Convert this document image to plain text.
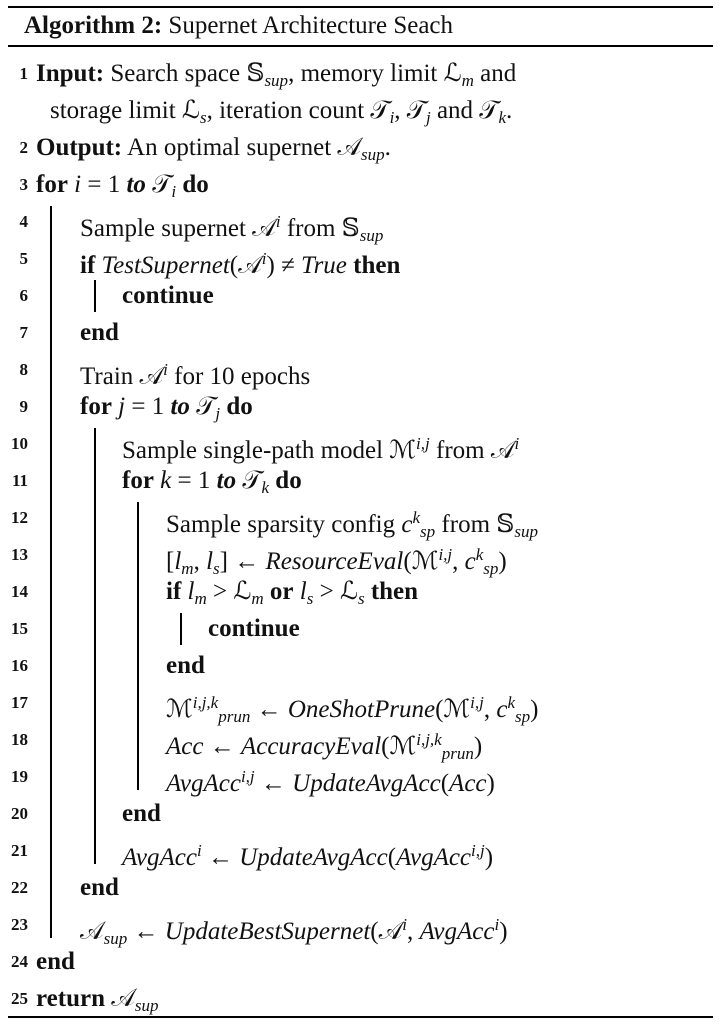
Algorithm 2: Supernet Architecture Seach
1 Input: Search space 𝕊$_{sup}$, memory limit ℒ$_m$ and
storage limit ℒ$_s$, iteration count 𝒯$_i$, 𝒯$_j$ and 𝒯$_k$.
2 Output: An optimal supernet 𝒜$_{sup}$.
3 for i = 1 to 𝒯$_i$ do
4 Sample supernet 𝒜$^i$ from 𝕊$_{sup}$
5 if TestSupernet(𝒜$^i$) ≠ True then
6	continue
7 end
8 Train 𝒜$^i$ for 10 epochs
9 for j = 1 to 𝒯$_j$ do
10	Sample single-path model ℳ$^{i,j}$ from 𝒜$^i$
11	for k = 1 to 𝒯$_k$ do
12	Sample sparsity config $c^k_{sp}$ from 𝕊$_{sup}$
13	[$l_m$, $l_s$] ← ResourceEval(ℳ$^{i,j}$, $c^k_{sp}$)
14	if $l_m$ > ℒ$_m$ or $l_s$ > ℒ$_s$ then
15	continue
16	end
17	ℳ$^{i,j,k}_{prun}$ ← OneShotPrune(ℳ$^{i,j}$, $c^k_{sp}$)
18	Acc ← AccuracyEval(ℳ$^{i,j,k}_{prun}$)
19	AvgAcc$^{i,j}$ ← UpdateAvgAcc(Acc)
20	end
21	AvgAcc$^i$ ← UpdateAvgAcc(AvgAcc$^{i,j}$)
22 end
23 𝒜$_{sup}$ ← UpdateBestSupernet(𝒜$^i$, AvgAcc$^i$)
24 end
25 return 𝒜$_{sup}$
